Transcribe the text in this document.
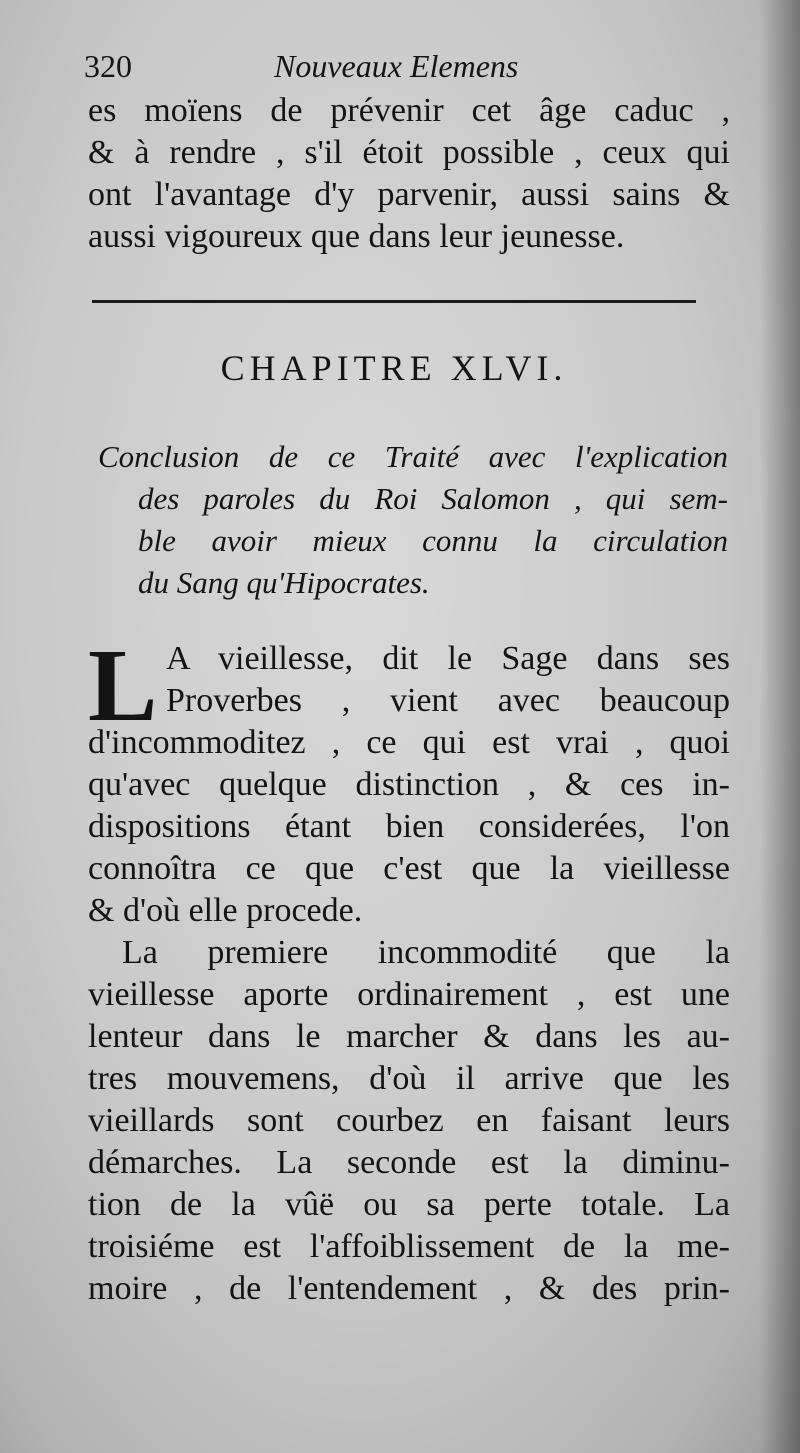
320	Nouveaux Elemens
es moïens de prévenir cet âge caduc ,
& à rendre , s'il étoit possible , ceux qui
ont l'avantage d'y parvenir, aussi sains &
aussi vigoureux que dans leur jeunesse.
CHAPITRE XLVI.
Conclusion de ce Traité avec l'explication
des paroles du Roi Salomon , qui sem-
ble avoir mieux connu la circulation
du Sang qu'Hipocrates.
L A vieillesse, dit le Sage dans ses
Proverbes , vient avec beaucoup
d'incommoditez , ce qui est vrai , quoi
qu'avec quelque distinction , & ces in-
dispositions étant bien considerées, l'on
connoîtra ce que c'est que la vieillesse
& d'où elle procede.
La premiere incommodité que la
vieillesse aporte ordinairement , est une
lenteur dans le marcher & dans les au-
tres mouvemens, d'où il arrive que les
vieillards sont courbez en faisant leurs
démarches. La seconde est la diminu-
tion de la vûë ou sa perte totale. La
troisiéme est l'affoiblissement de la me-
moire , de l'entendement , & des prin-
